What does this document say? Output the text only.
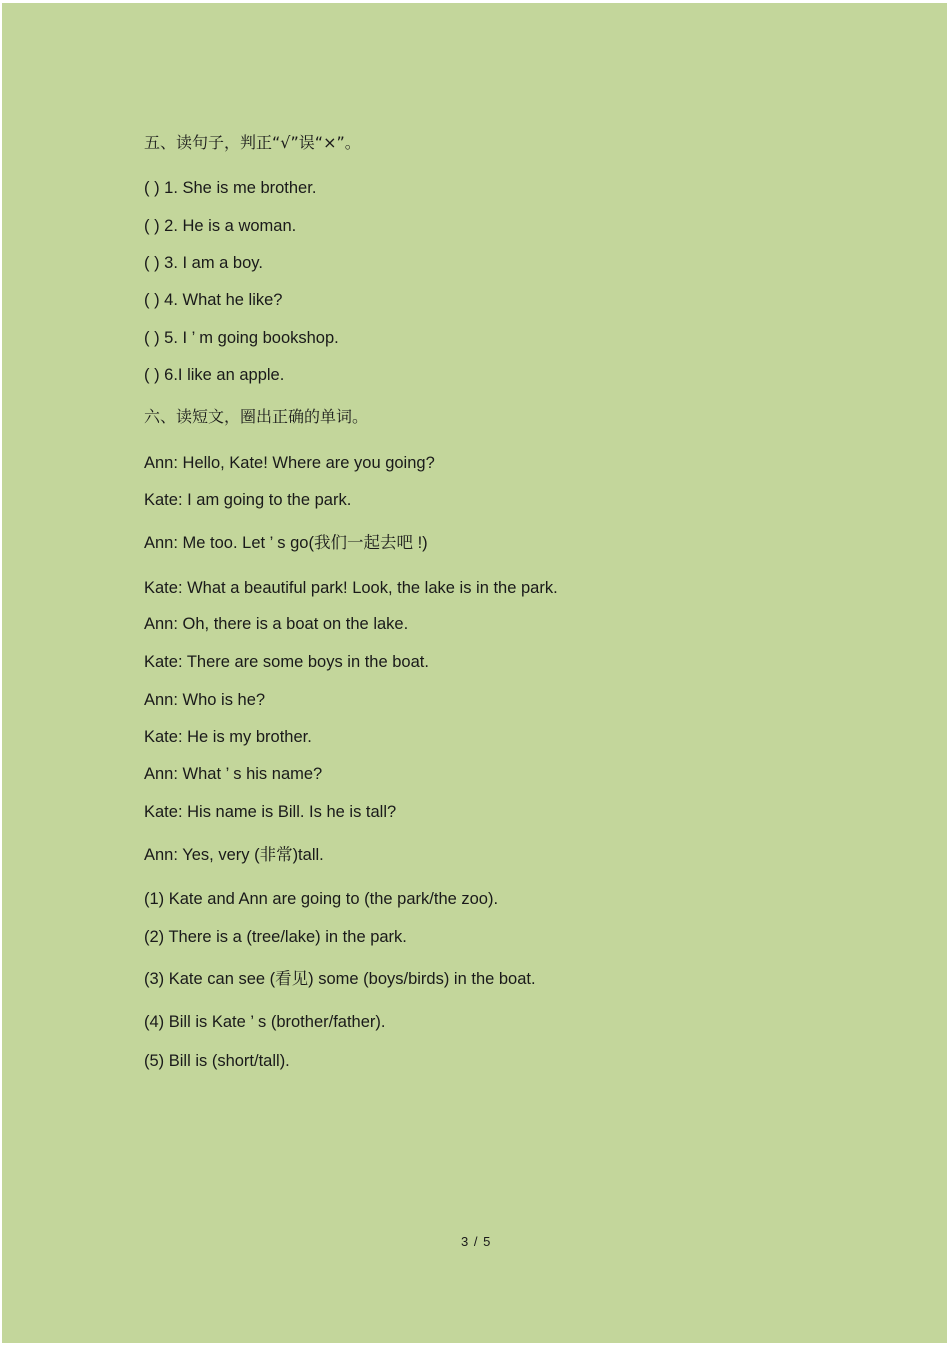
五、读句子，判正“√”误“×”。
( ) 1. She is me brother.
( ) 2. He is a woman.
( ) 3. I am a boy.
( ) 4. What he like?
( ) 5. I ’ m going bookshop.
( ) 6.I like an apple.
六、读短文，圈出正确的单词。
Ann: Hello, Kate! Where are you going?
Kate: I am going to the park.
Ann: Me too. Let ’ s go(我们一起去吧 !)
Kate: What a beautiful park! Look, the lake is in the park.
Ann: Oh, there is a boat on the lake.
Kate: There are some boys in the boat.
Ann: Who is he?
Kate: He is my brother.
Ann: What ’ s his name?
Kate: His name is Bill. Is he is tall?
Ann: Yes, very (非常)tall.
(1) Kate and Ann are going to (the park/the zoo).
(2) There is a (tree/lake) in the park.
(3) Kate can see (看见) some (boys/birds) in the boat.
(4) Bill is Kate ’ s (brother/father).
(5) Bill is (short/tall).
3 / 5
